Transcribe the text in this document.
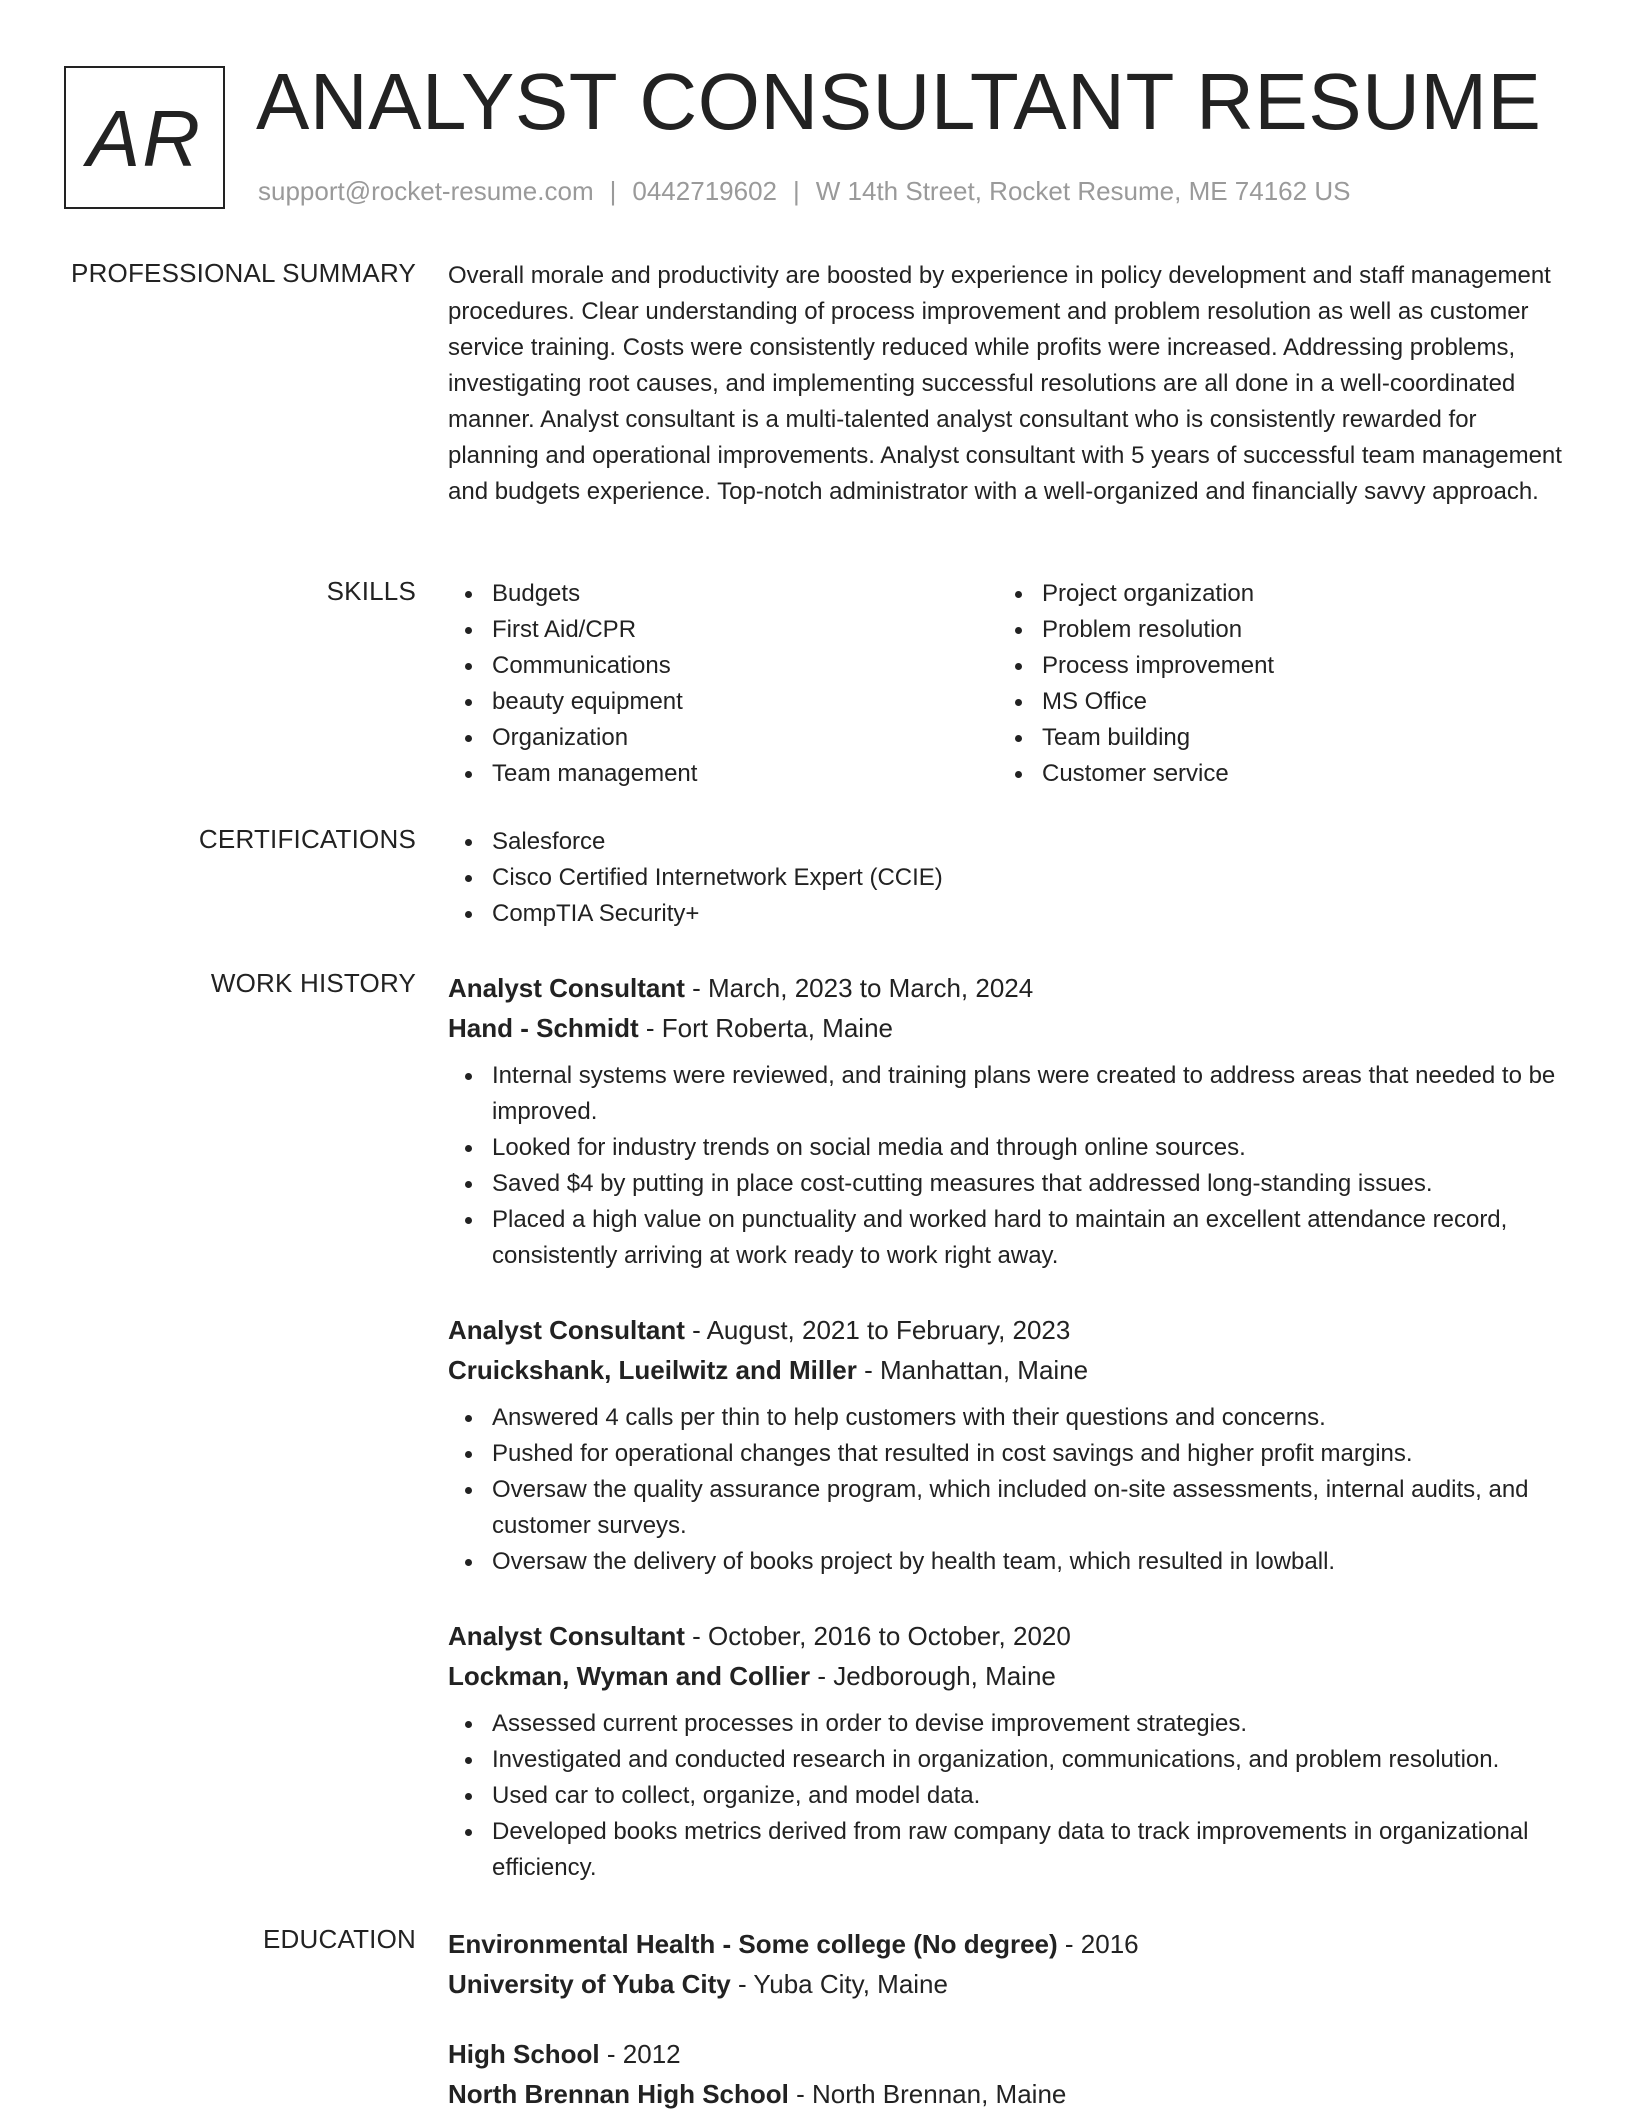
AR ANALYST CONSULTANT RESUME
support@rocket-resume.com | 0442719602 | W 14th Street, Rocket Resume, ME 74162 US
PROFESSIONAL SUMMARY Overall morale and productivity are boosted by experience in policy development and staff management procedures. Clear understanding of process improvement and problem resolution as well as customer service training. Costs were consistently reduced while profits were increased. Addressing problems, investigating root causes, and implementing successful resolutions are all done in a well-coordinated manner. Analyst consultant is a multi-talented analyst consultant who is consistently rewarded for planning and operational improvements. Analyst consultant with 5 years of successful team management and budgets experience. Top-notch administrator with a well-organized and financially savvy approach.

SKILLS	Budgets
First Aid/CPR
Communications
beauty equipment
Organization
Team management
Project organization
Problem resolution
Process improvement
MS Office
Team building
Customer service
CERTIFICATIONS	Salesforce
Cisco Certified Internetwork Expert (CCIE)
CompTIA Security+
WORK HISTORY Analyst Consultant - March, 2023 to March, 2024
Hand - Schmidt - Fort Roberta, Maine
Internal systems were reviewed, and training plans were created to address areas that needed to be improved.
Looked for industry trends on social media and through online sources.
Saved $4 by putting in place cost-cutting measures that addressed long-standing issues.
Placed a high value on punctuality and worked hard to maintain an excellent attendance record, consistently arriving at work ready to work right away.
Analyst Consultant - August, 2021 to February, 2023
Cruickshank, Lueilwitz and Miller - Manhattan, Maine
Answered 4 calls per thin to help customers with their questions and concerns.
Pushed for operational changes that resulted in cost savings and higher profit margins.
Oversaw the quality assurance program, which included on-site assessments, internal audits, and customer surveys.
Oversaw the delivery of books project by health team, which resulted in lowball.
Analyst Consultant - October, 2016 to October, 2020
Lockman, Wyman and Collier - Jedborough, Maine
Assessed current processes in order to devise improvement strategies.
Investigated and conducted research in organization, communications, and problem resolution.
Used car to collect, organize, and model data.
Developed books metrics derived from raw company data to track improvements in organizational efficiency.
EDUCATION Environmental Health - Some college (No degree) - 2016
University of Yuba City - Yuba City, Maine
High School - 2012
North Brennan High School - North Brennan, Maine
